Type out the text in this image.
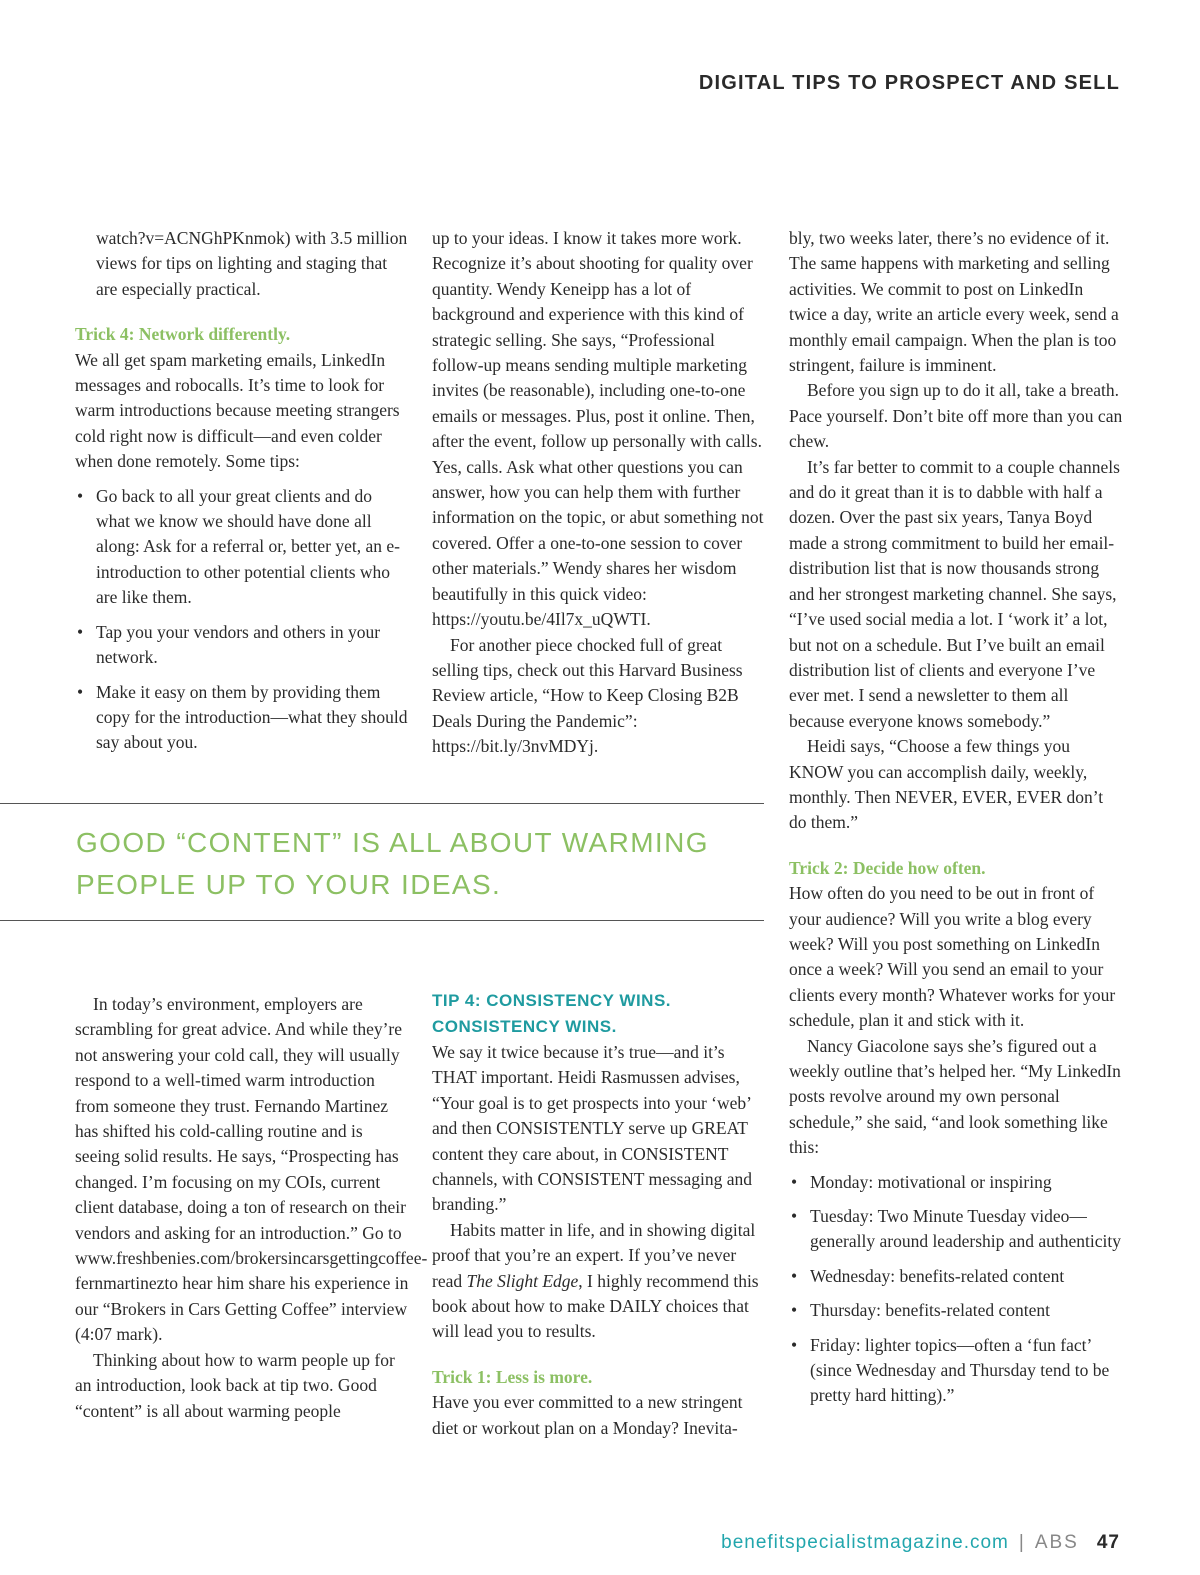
DIGITAL TIPS TO PROSPECT AND SELL

watch?v=ACNGhPKnmok) with 3.5 million views for tips on lighting and staging that are especially practical.

Trick 4: Network differently.

We all get spam marketing emails, LinkedIn messages and robocalls. It’s time to look for warm introductions because meeting strangers cold right now is difficult—and even colder when done remotely. Some tips:

• Go back to all your great clients and do what we know we should have done all along: Ask for a referral or, better yet, an e-introduction to other potential clients who are like them.
• Tap you your vendors and others in your network.
• Make it easy on them by providing them copy for the introduction—what they should say about you.

up to your ideas. I know it takes more work. Recognize it’s about shooting for quality over quantity. Wendy Keneipp has a lot of background and experience with this kind of strategic selling. She says, “Professional follow-up means sending multiple marketing invites (be reasonable), including one-to-one emails or messages. Plus, post it online. Then, after the event, follow up personally with calls. Yes, calls. Ask what other questions you can answer, how you can help them with further information on the topic, or abut something not covered. Offer a one-to-one session to cover other materials.” Wendy shares her wisdom beautifully in this quick video: https://youtu.be/4Il7x_uQWTI.

For another piece chocked full of great selling tips, check out this Harvard Business Review article, “How to Keep Closing B2B Deals During the Pandemic”: https://bit.ly/3nvMDYj.

GOOD “CONTENT” IS ALL ABOUT WARMING PEOPLE UP TO YOUR IDEAS.

In today’s environment, employers are scrambling for great advice. And while they’re not answering your cold call, they will usually respond to a well-timed warm introduction from someone they trust. Fernando Martinez has shifted his cold-calling routine and is seeing solid results. He says, “Prospecting has changed. I’m focusing on my COIs, current client database, doing a ton of research on their vendors and asking for an introduction.” Go to www.freshbenies.com/brokersincarsgettingcoffee-fernmartinezto hear him share his experience in our “Brokers in Cars Getting Coffee” interview (4:07 mark).

Thinking about how to warm people up for an introduction, look back at tip two. Good “content” is all about warming people

TIP 4: CONSISTENCY WINS. CONSISTENCY WINS.

We say it twice because it’s true—and it’s THAT important. Heidi Rasmussen advises, “Your goal is to get prospects into your ‘web’ and then CONSISTENTLY serve up GREAT content they care about, in CONSISTENT channels, with CONSISTENT messaging and branding.”

Habits matter in life, and in showing digital proof that you’re an expert. If you’ve never read The Slight Edge, I highly recommend this book about how to make DAILY choices that will lead you to results.

Trick 1: Less is more.

Have you ever committed to a new stringent diet or workout plan on a Monday? Inevita-

bly, two weeks later, there’s no evidence of it. The same happens with marketing and selling activities. We commit to post on LinkedIn twice a day, write an article every week, send a monthly email campaign. When the plan is too stringent, failure is imminent.

Before you sign up to do it all, take a breath. Pace yourself. Don’t bite off more than you can chew.

It’s far better to commit to a couple channels and do it great than it is to dabble with half a dozen. Over the past six years, Tanya Boyd made a strong commitment to build her email-distribution list that is now thousands strong and her strongest marketing channel. She says, “I’ve used social media a lot. I ‘work it’ a lot, but not on a schedule. But I’ve built an email distribution list of clients and everyone I’ve ever met. I send a newsletter to them all because everyone knows somebody.”

Heidi says, “Choose a few things you KNOW you can accomplish daily, weekly, monthly. Then NEVER, EVER, EVER don’t do them.”

Trick 2: Decide how often.

How often do you need to be out in front of your audience? Will you write a blog every week? Will you post something on LinkedIn once a week? Will you send an email to your clients every month? Whatever works for your schedule, plan it and stick with it.

Nancy Giacolone says she’s figured out a weekly outline that’s helped her. “My LinkedIn posts revolve around my own personal schedule,” she said, “and look something like this:

• Monday: motivational or inspiring
• Tuesday: Two Minute Tuesday video—generally around leadership and authenticity
• Wednesday: benefits-related content
• Thursday: benefits-related content
• Friday: lighter topics—often a ‘fun fact’ (since Wednesday and Thursday tend to be pretty hard hitting).”
benefitspecialistmagazine.com | ABS 47
